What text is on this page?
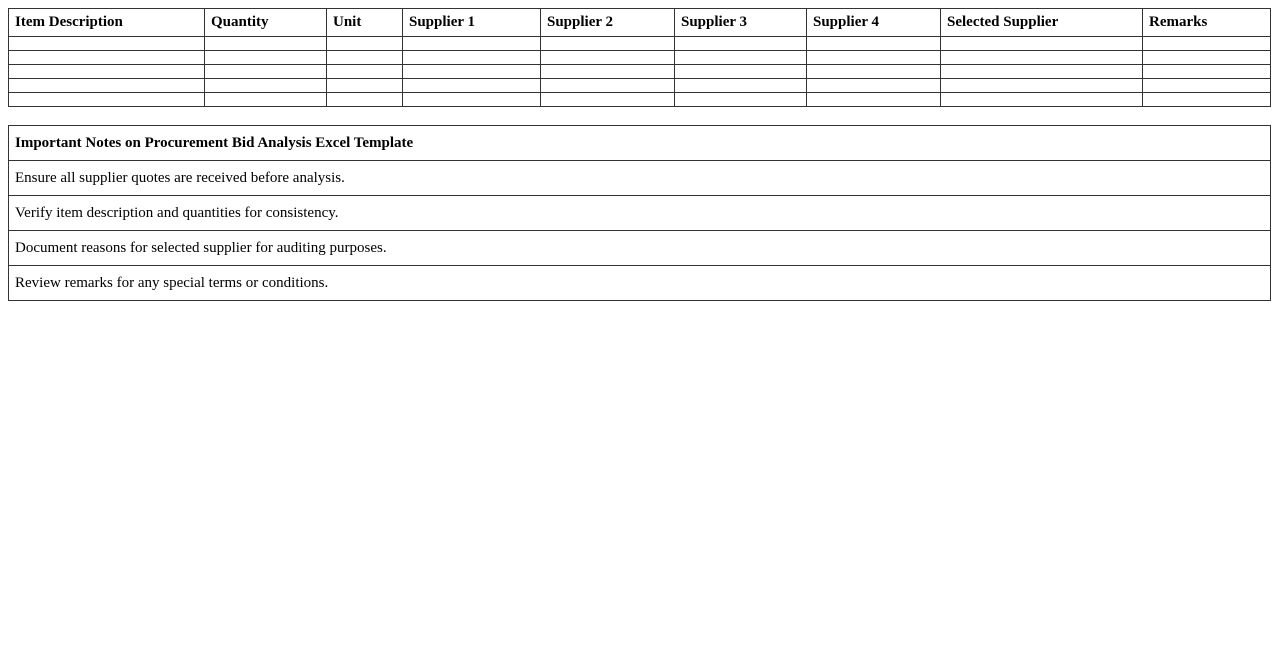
Item Description	Quantity	Unit	Supplier 1	Supplier 2	Supplier 3	Supplier 4	Selected Supplier	Remarks

Important Notes on Procurement Bid Analysis Excel Template
Ensure all supplier quotes are received before analysis.
Verify item description and quantities for consistency.
Document reasons for selected supplier for auditing purposes.
Review remarks for any special terms or conditions.
